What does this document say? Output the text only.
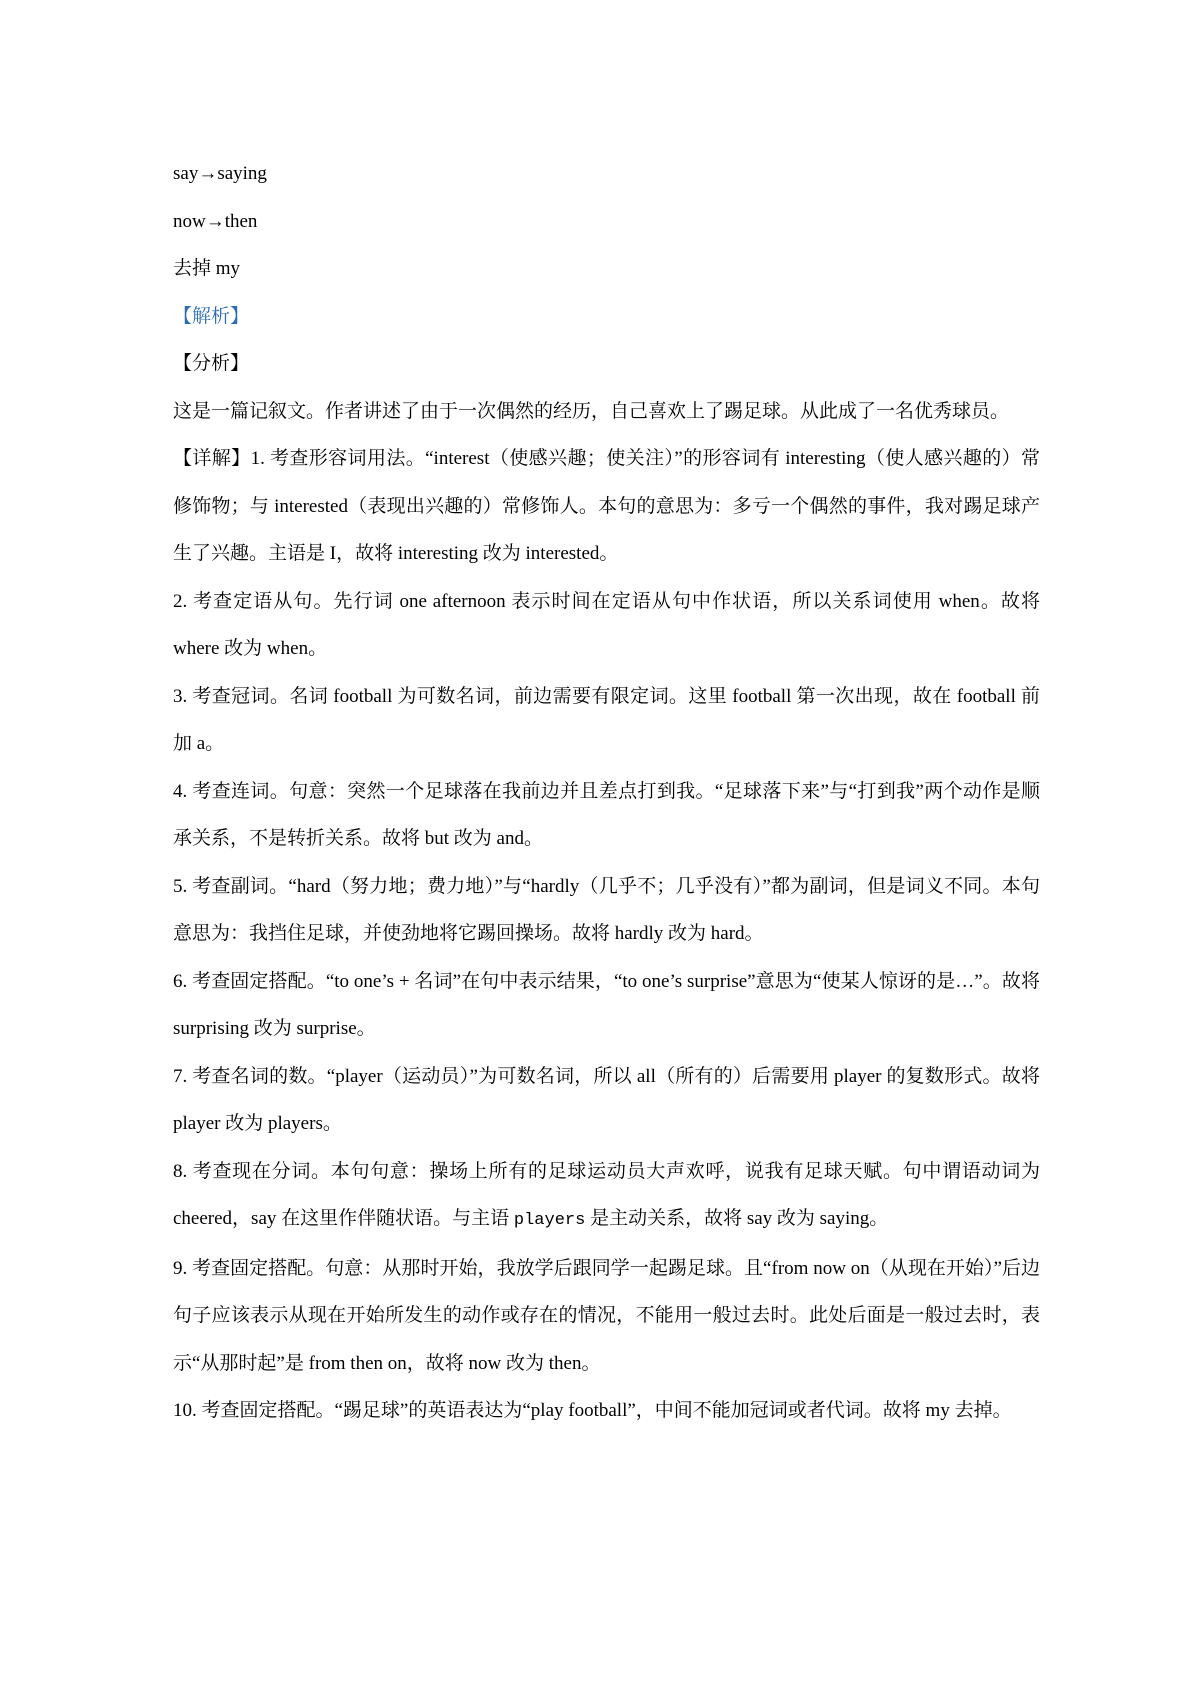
say→saying
now→then
去掉 my
【解析】
【分析】
这是一篇记叙文。作者讲述了由于一次偶然的经历，自己喜欢上了踢足球。从此成了一名优秀球员。
【详解】1. 考查形容词用法。“interest（使感兴趣；使关注）”的形容词有 interesting（使人感兴趣的）常修饰物；与 interested（表现出兴趣的）常修饰人。本句的意思为：多亏一个偶然的事件，我对踢足球产生了兴趣。主语是 I，故将 interesting 改为 interested。
2. 考查定语从句。先行词 one afternoon 表示时间在定语从句中作状语，所以关系词使用 when。故将 where 改为 when。
3. 考查冠词。名词 football 为可数名词，前边需要有限定词。这里 football 第一次出现，故在 football 前加 a。
4. 考查连词。句意：突然一个足球落在我前边并且差点打到我。“足球落下来”与“打到我”两个动作是顺承关系，不是转折关系。故将 but 改为 and。
5. 考查副词。“hard（努力地；费力地）”与“hardly（几乎不；几乎没有）”都为副词，但是词义不同。本句意思为：我挡住足球，并使劲地将它踢回操场。故将 hardly 改为 hard。
6. 考查固定搭配。“to one’s + 名词”在句中表示结果，“to one’s surprise”意思为“使某人惊讶的是…”。故将 surprising 改为 surprise。
7. 考查名词的数。“player（运动员）”为可数名词，所以 all（所有的）后需要用 player 的复数形式。故将 player 改为 players。
8. 考查现在分词。本句句意：操场上所有的足球运动员大声欢呼，说我有足球天赋。句中谓语动词为 cheered，say 在这里作伴随状语。与主语 players 是主动关系，故将 say 改为 saying。
9. 考查固定搭配。句意：从那时开始，我放学后跟同学一起踢足球。且“from now on（从现在开始）”后边句子应该表示从现在开始所发生的动作或存在的情况，不能用一般过去时。此处后面是一般过去时，表示“从那时起”是 from then on，故将 now 改为 then。
10. 考查固定搭配。“踢足球”的英语表达为“play football”，中间不能加冠词或者代词。故将 my 去掉。
